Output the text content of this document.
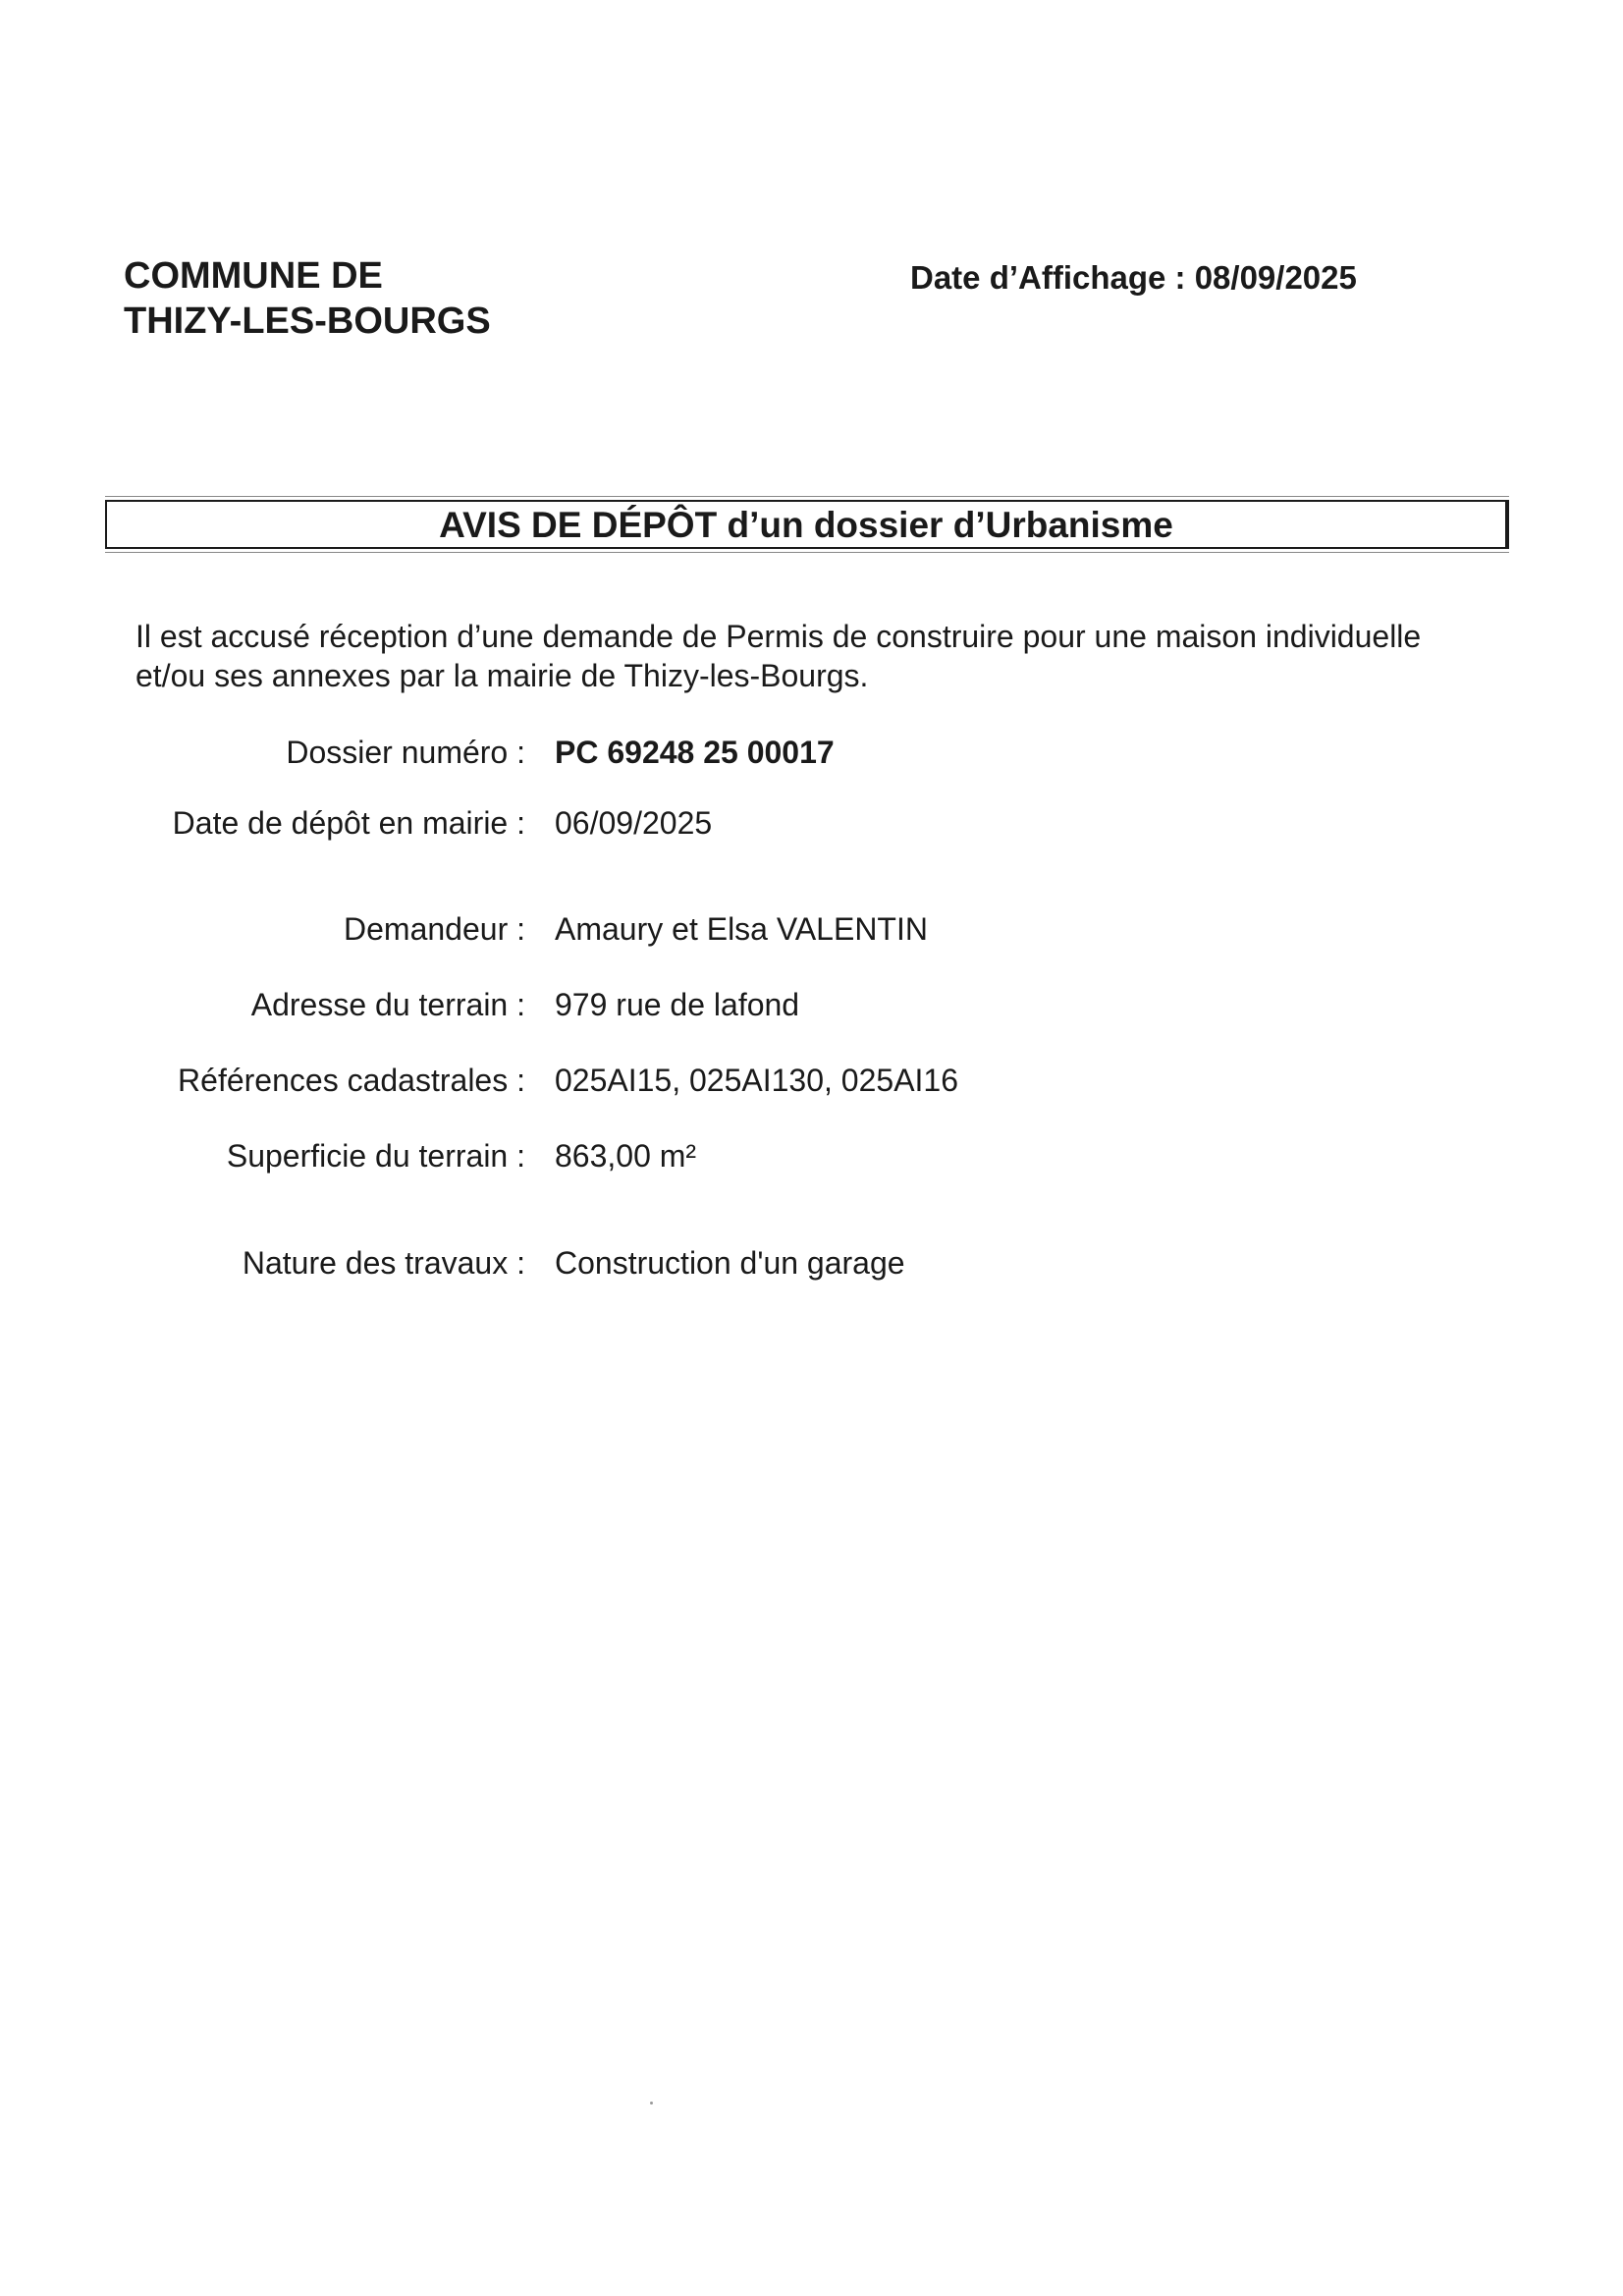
COMMUNE DE
THIZY-LES-BOURGS
Date d’Affichage : 08/09/2025
AVIS DE DÉPÔT d’un dossier d’Urbanisme
Il est accusé réception d’une demande de Permis de construire pour une maison individuelle
et/ou ses annexes par la mairie de Thizy-les-Bourgs.
Dossier numéro : PC 69248 25 00017
Date de dépôt en mairie : 06/09/2025
Demandeur : Amaury et Elsa VALENTIN
Adresse du terrain : 979 rue de lafond
Références cadastrales : 025AI15, 025AI130, 025AI16
Superficie du terrain : 863,00 m²
Nature des travaux : Construction d'un garage
